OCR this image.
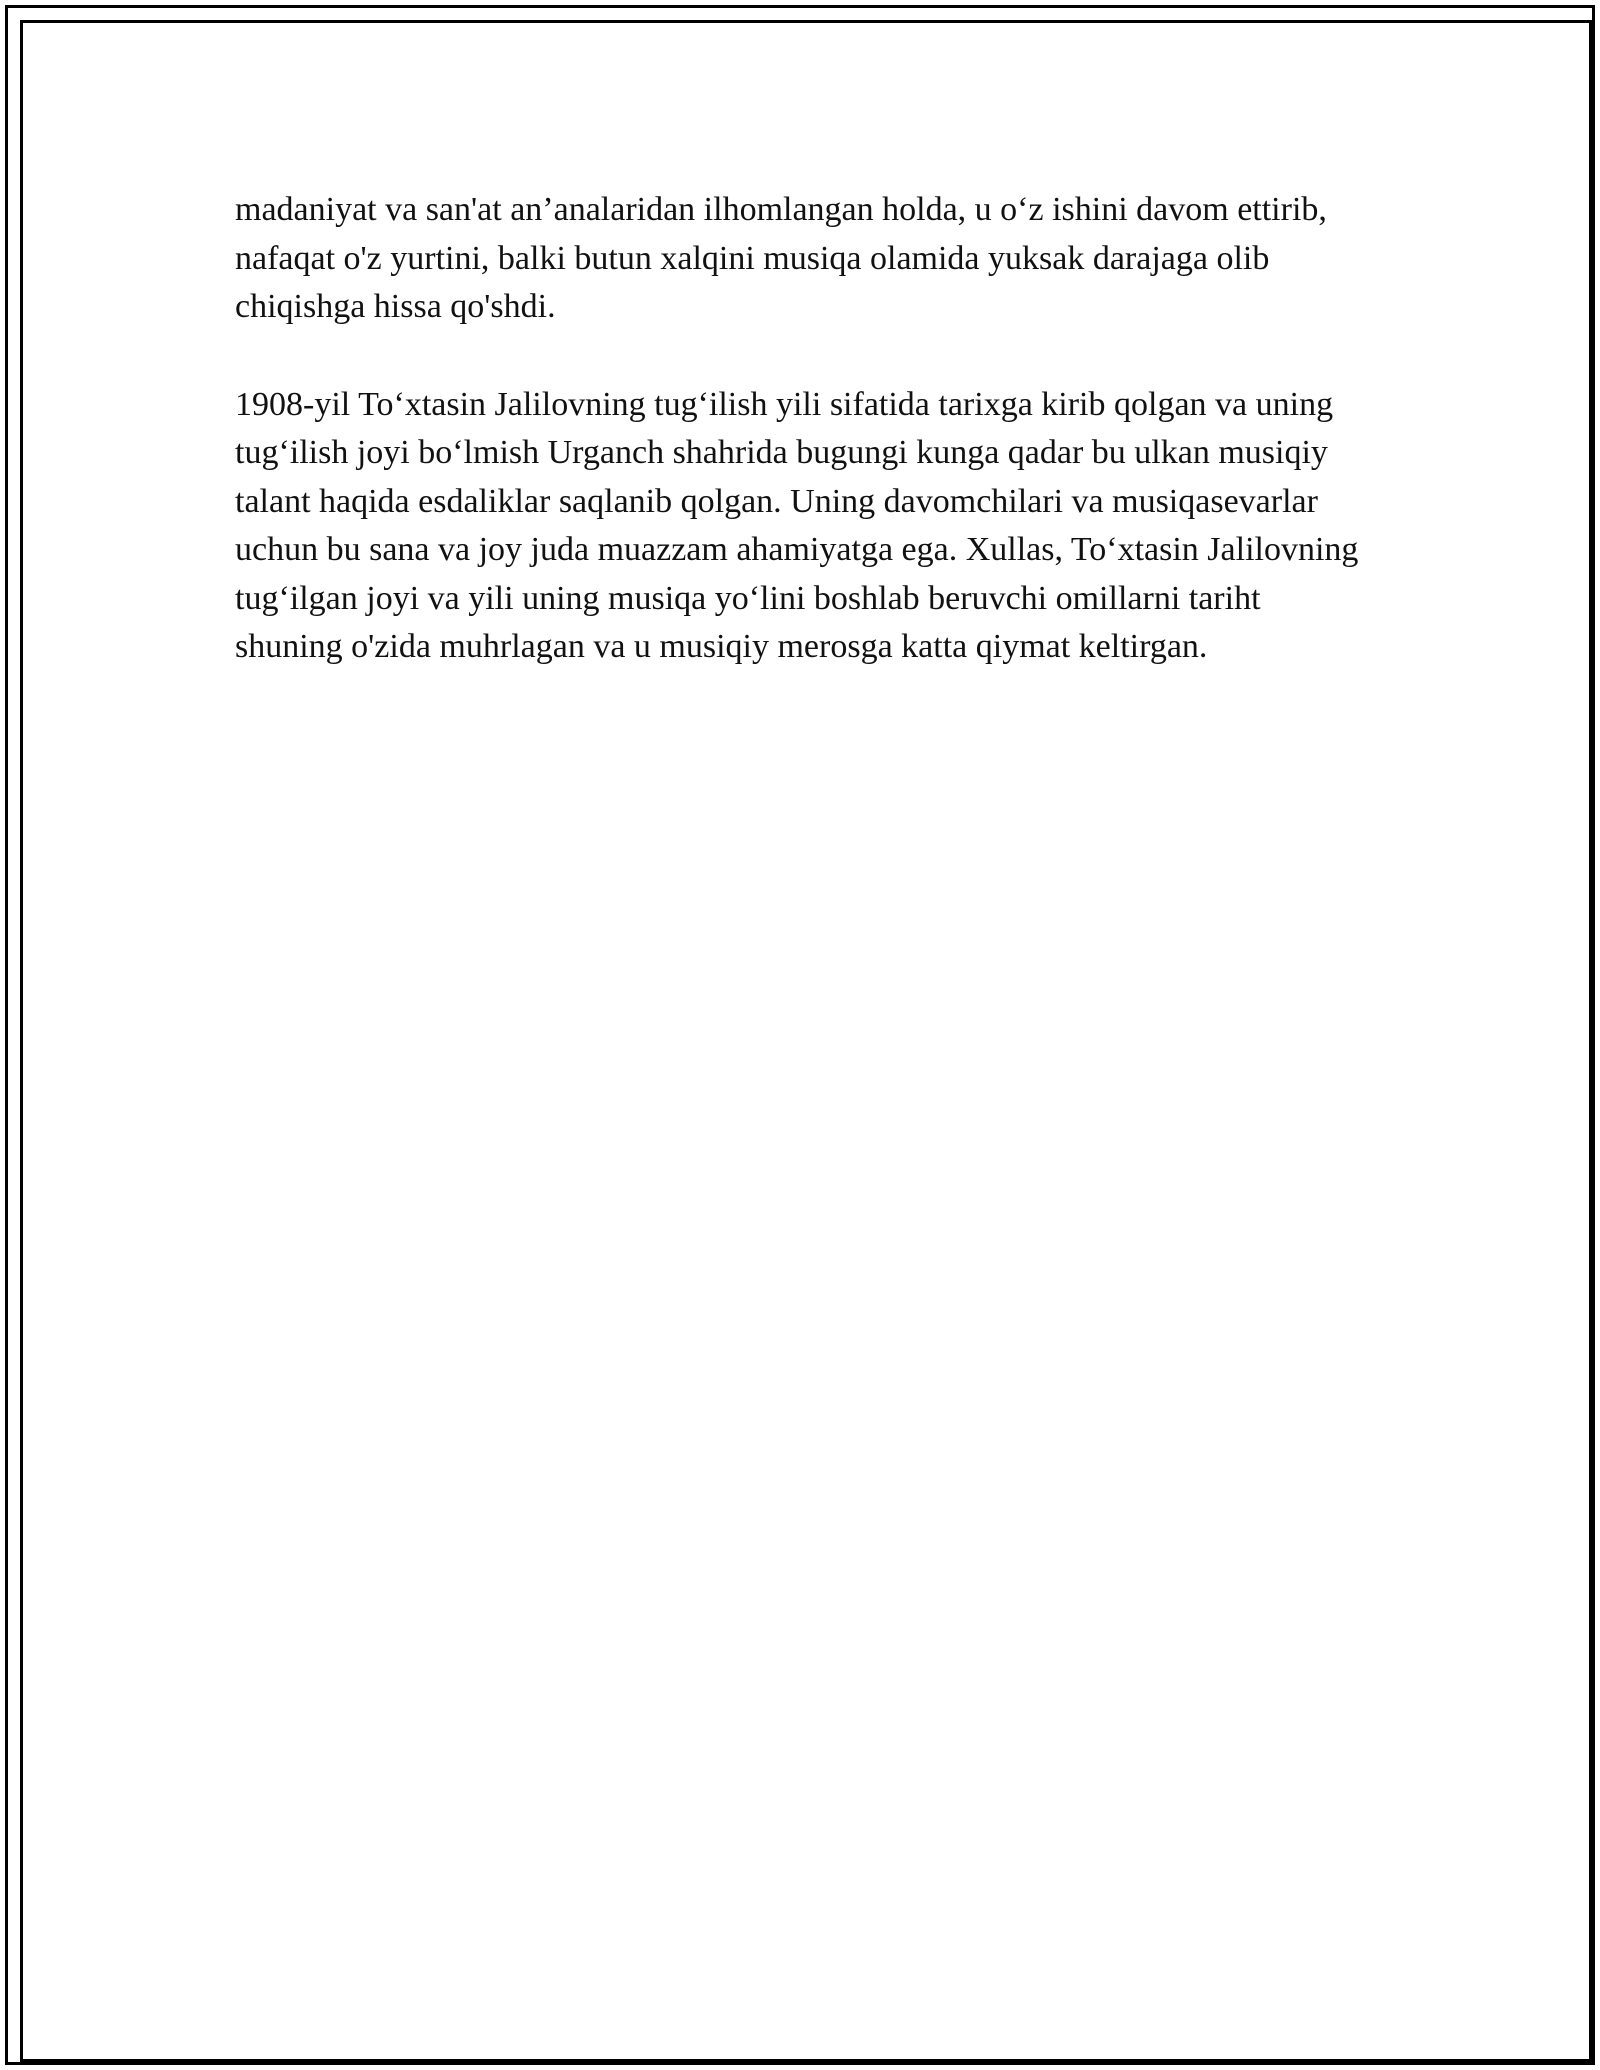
madaniyat va san'at an’analaridan ilhomlangan holda, u o‘z ishini davom ettirib, nafaqat o'z yurtini, balki butun xalqini musiqa olamida yuksak darajaga olib chiqishga hissa qo'shdi.

1908-yil To‘xtasin Jalilovning tug‘ilish yili sifatida tarixga kirib qolgan va uning tug‘ilish joyi bo‘lmish Urganch shahrida bugungi kunga qadar bu ulkan musiqiy talant haqida esdaliklar saqlanib qolgan. Uning davomchilari va musiqasevarlar uchun bu sana va joy juda muazzam ahamiyatga ega. Xullas, To‘xtasin Jalilovning tug‘ilgan joyi va yili uning musiqa yo‘lini boshlab beruvchi omillarni tariht shuning o'zida muhrlagan va u musiqiy merosga katta qiymat keltirgan.
